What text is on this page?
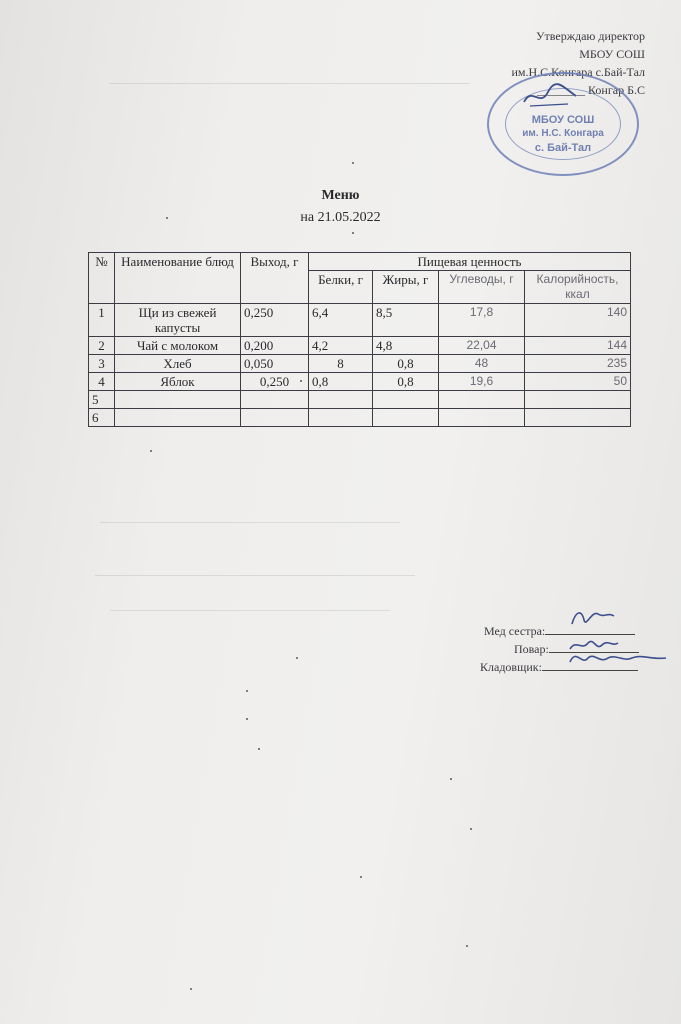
Утверждаю директор
МБОУ СОШ
им.Н.С.Конгара с.Бай-Тал
________ Конгар Б.С
МБОУ СОШ
им. Н.С. Конгара
с. Бай-Тал
Меню
на 21.05.2022
№	Наименование блюд	Выход, г	Пищевая ценность			
			Белки, г	Жиры, г	Углеводы, г	Калорийность, ккал
1	Щи из свежей капусты	0,250	6,4	8,5	17,8	140
2	Чай с молоком	0,200	4,2	4,8	22,04	144
3	Хлеб	0,050	8	0,8	48	235
4	Яблок	0,250	0,8	0,8	19,6	50
5						
6						
Мед сестра:
Повар:
Кладовщик:
